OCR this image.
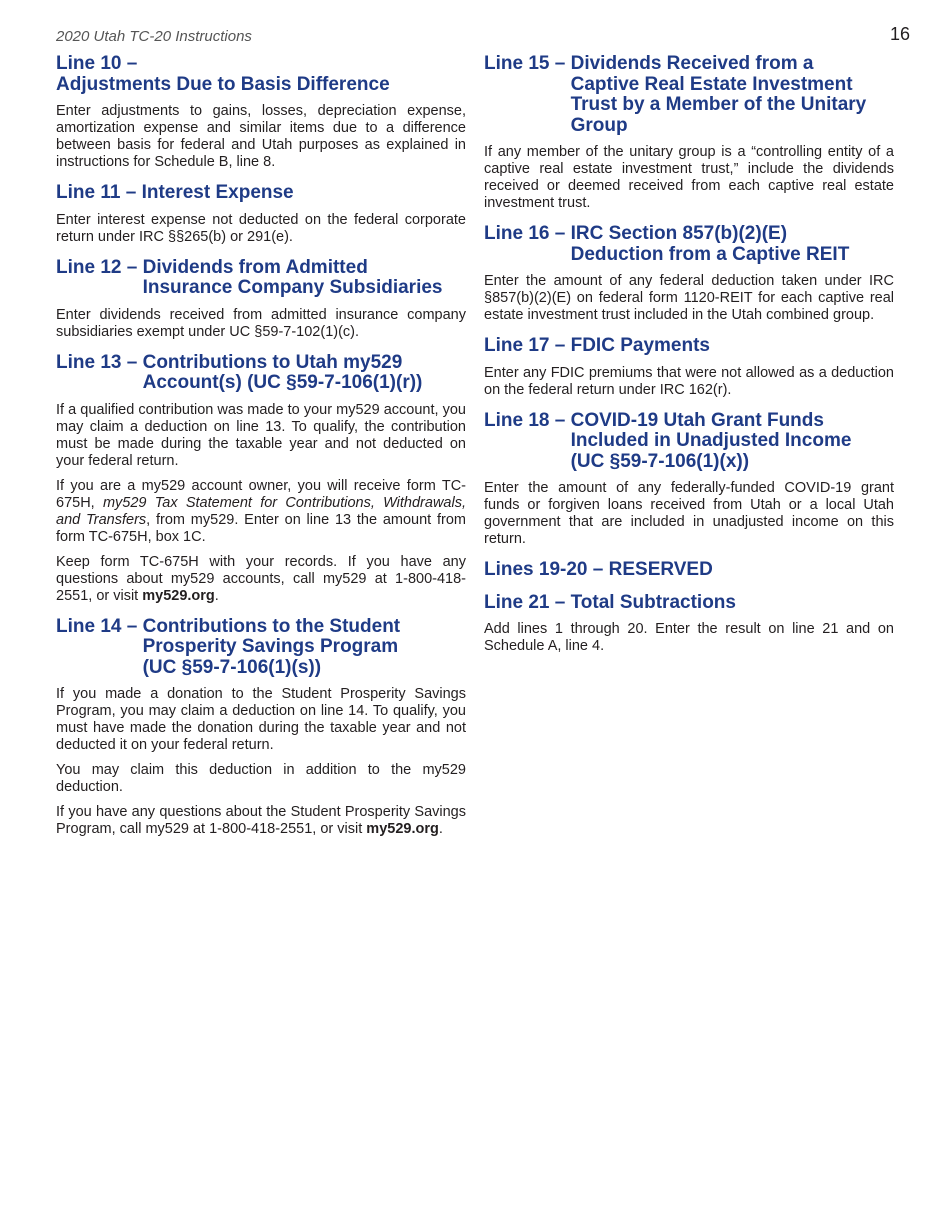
2020 Utah TC-20 Instructions	16
Line 10 – Adjustments Due to Basis Difference

Enter adjustments to gains, losses, depreciation expense, amortization expense and similar items due to a difference between basis for federal and Utah purposes as explained in instructions for Schedule B, line 8.

Line 11 – Interest Expense

Enter interest expense not deducted on the federal corporate return under IRC §§265(b) or 291(e).

Line 12 – Dividends from Admitted Insurance Company Subsidiaries

Enter dividends received from admitted insurance company subsidiaries exempt under UC §59-7-102(1)(c).

Line 13 – Contributions to Utah my529 Account(s) (UC §59-7-106(1)(r))

If a qualified contribution was made to your my529 account, you may claim a deduction on line 13. To qualify, the contribution must be made during the taxable year and not deducted on your federal return.

If you are a my529 account owner, you will receive form TC-675H, my529 Tax Statement for Contributions, Withdrawals, and Transfers, from my529. Enter on line 13 the amount from form TC-675H, box 1C.

Keep form TC-675H with your records. If you have any questions about my529 accounts, call my529 at 1-800-418-2551, or visit my529.org.

Line 14 – Contributions to the Student Prosperity Savings Program (UC §59-7-106(1)(s))

If you made a donation to the Student Prosperity Savings Program, you may claim a deduction on line 14. To qualify, you must have made the donation during the taxable year and not deducted it on your federal return.

You may claim this deduction in addition to the my529 deduction.

If you have any questions about the Student Prosperity Savings Program, call my529 at 1-800-418-2551, or visit my529.org.

Line 15 – Dividends Received from a Captive Real Estate Investment Trust by a Member of the Unitary Group

If any member of the unitary group is a “controlling entity of a captive real estate investment trust,” include the dividends received or deemed received from each captive real estate investment trust.

Line 16 – IRC Section 857(b)(2)(E) Deduction from a Captive REIT

Enter the amount of any federal deduction taken under IRC §857(b)(2)(E) on federal form 1120-REIT for each captive real estate investment trust included in the Utah combined group.

Line 17 – FDIC Payments

Enter any FDIC premiums that were not allowed as a deduction on the federal return under IRC 162(r).

Line 18 – COVID-19 Utah Grant Funds Included in Unadjusted Income (UC §59-7-106(1)(x))

Enter the amount of any federally-funded COVID-19 grant funds or forgiven loans received from Utah or a local Utah government that are included in unadjusted income on this return.

Lines 19-20 – RESERVED
Line 21 – Total Subtractions

Add lines 1 through 20. Enter the result on line 21 and on Schedule A, line 4.
